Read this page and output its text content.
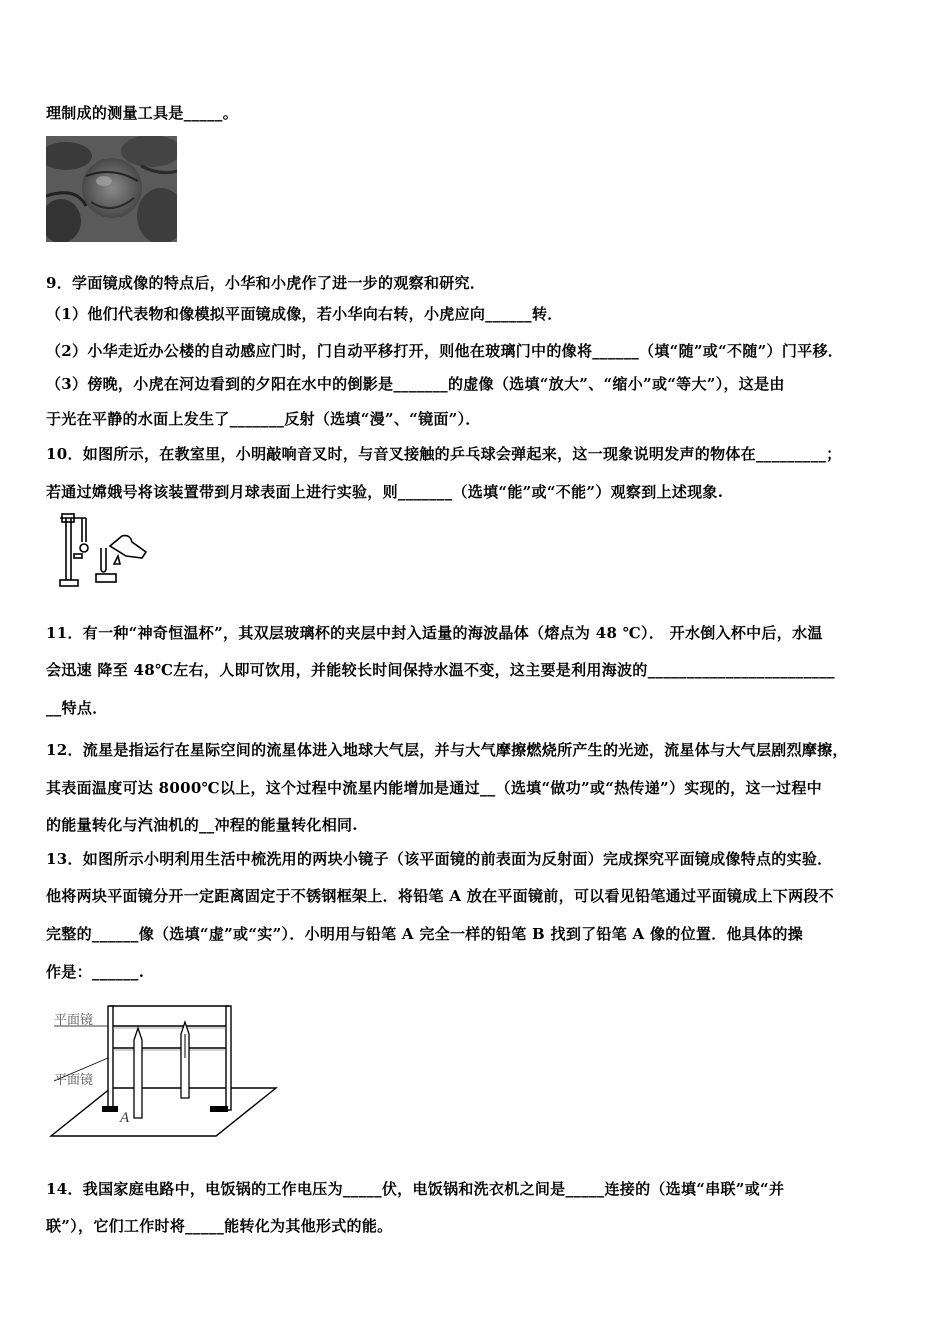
理制成的测量工具是_____。
9．学面镜成像的特点后，小华和小虎作了进一步的观察和研究．
（1）他们代表物和像模拟平面镜成像，若小华向右转，小虎应向______转．
（2）小华走近办公楼的自动感应门时，门自动平移打开，则他在玻璃门中的像将______（填“随”或“不随”）门平移．
（3）傍晚，小虎在河边看到的夕阳在水中的倒影是_______的虚像（选填“放大”、“缩小”或“等大”），这是由
于光在平静的水面上发生了_______反射（选填“漫”、“镜面”）．
10．如图所示，在教室里，小明敲响音叉时，与音叉接触的乒乓球会弹起来，这一现象说明发声的物体在_________；
若通过嫦娥号将该装置带到月球表面上进行实验，则_______（选填“能”或“不能”）观察到上述现象.
11．有一种“神奇恒温杯”，其双层玻璃杯的夹层中封入适量的海波晶体（熔点为 48 ℃）． 开水倒入杯中后，水温
会迅速 降至 48℃左右，人即可饮用，并能较长时间保持水温不变，这主要是利用海波的________________________
__特点．
12．流星是指运行在星际空间的流星体进入地球大气层，并与大气摩擦燃烧所产生的光迹，流星体与大气层剧烈摩擦，
其表面温度可达 8000℃以上，这个过程中流星内能增加是通过__（选填“做功”或“热传递”）实现的，这一过程中
的能量转化与汽油机的__冲程的能量转化相同.
13．如图所示小明利用生活中梳洗用的两块小镜子（该平面镜的前表面为反射面）完成探究平面镜成像特点的实验．
他将两块平面镜分开一定距离固定于不锈钢框架上．将铅笔 A 放在平面镜前，可以看见铅笔通过平面镜成上下两段不
完整的______像（选填“虚”或“实”）．小明用与铅笔 A 完全一样的铅笔 B 找到了铅笔 A 像的位置．他具体的操
作是：______.
平面镜
平面镜
A
14．我国家庭电路中，电饭锅的工作电压为_____伏，电饭锅和洗衣机之间是_____连接的（选填“串联”或“并
联”），它们工作时将_____能转化为其他形式的能。
